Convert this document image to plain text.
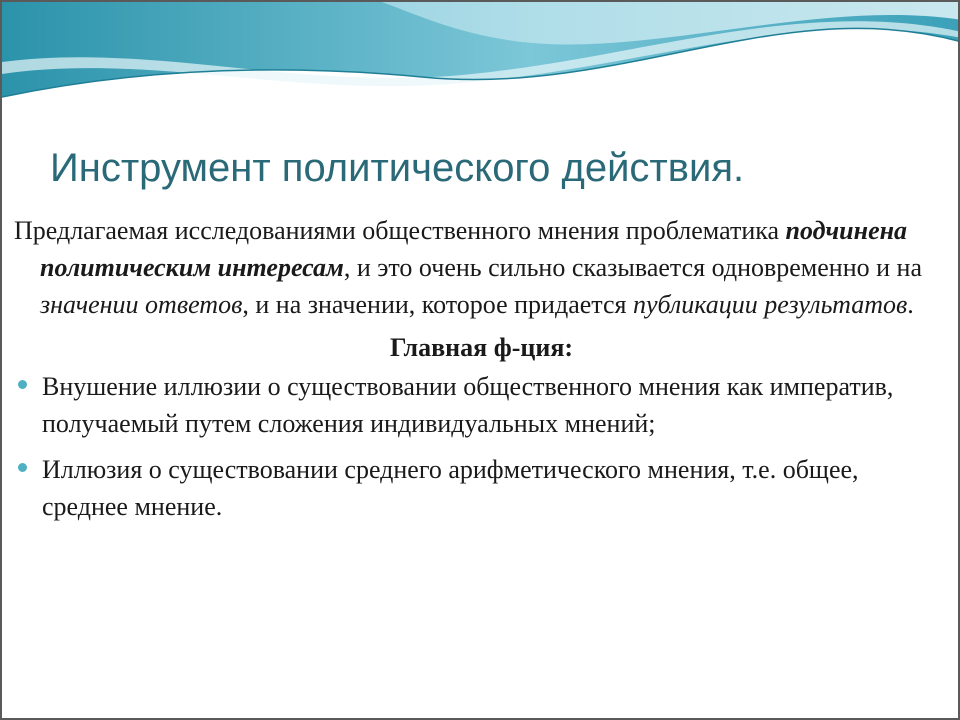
Инструмент политического действия.

Предлагаемая исследованиями общественного мнения проблематика подчинена политическим интересам, и это очень сильно сказывается одновременно и на значении ответов, и на значении, которое придается публикации результатов.

Главная ф-ция:

Внушение иллюзии о существовании общественного мнения как императив, получаемый путем сложения индивидуальных мнений;
Иллюзия о существовании среднего арифметического мнения, т.е. общее, среднее мнение.
